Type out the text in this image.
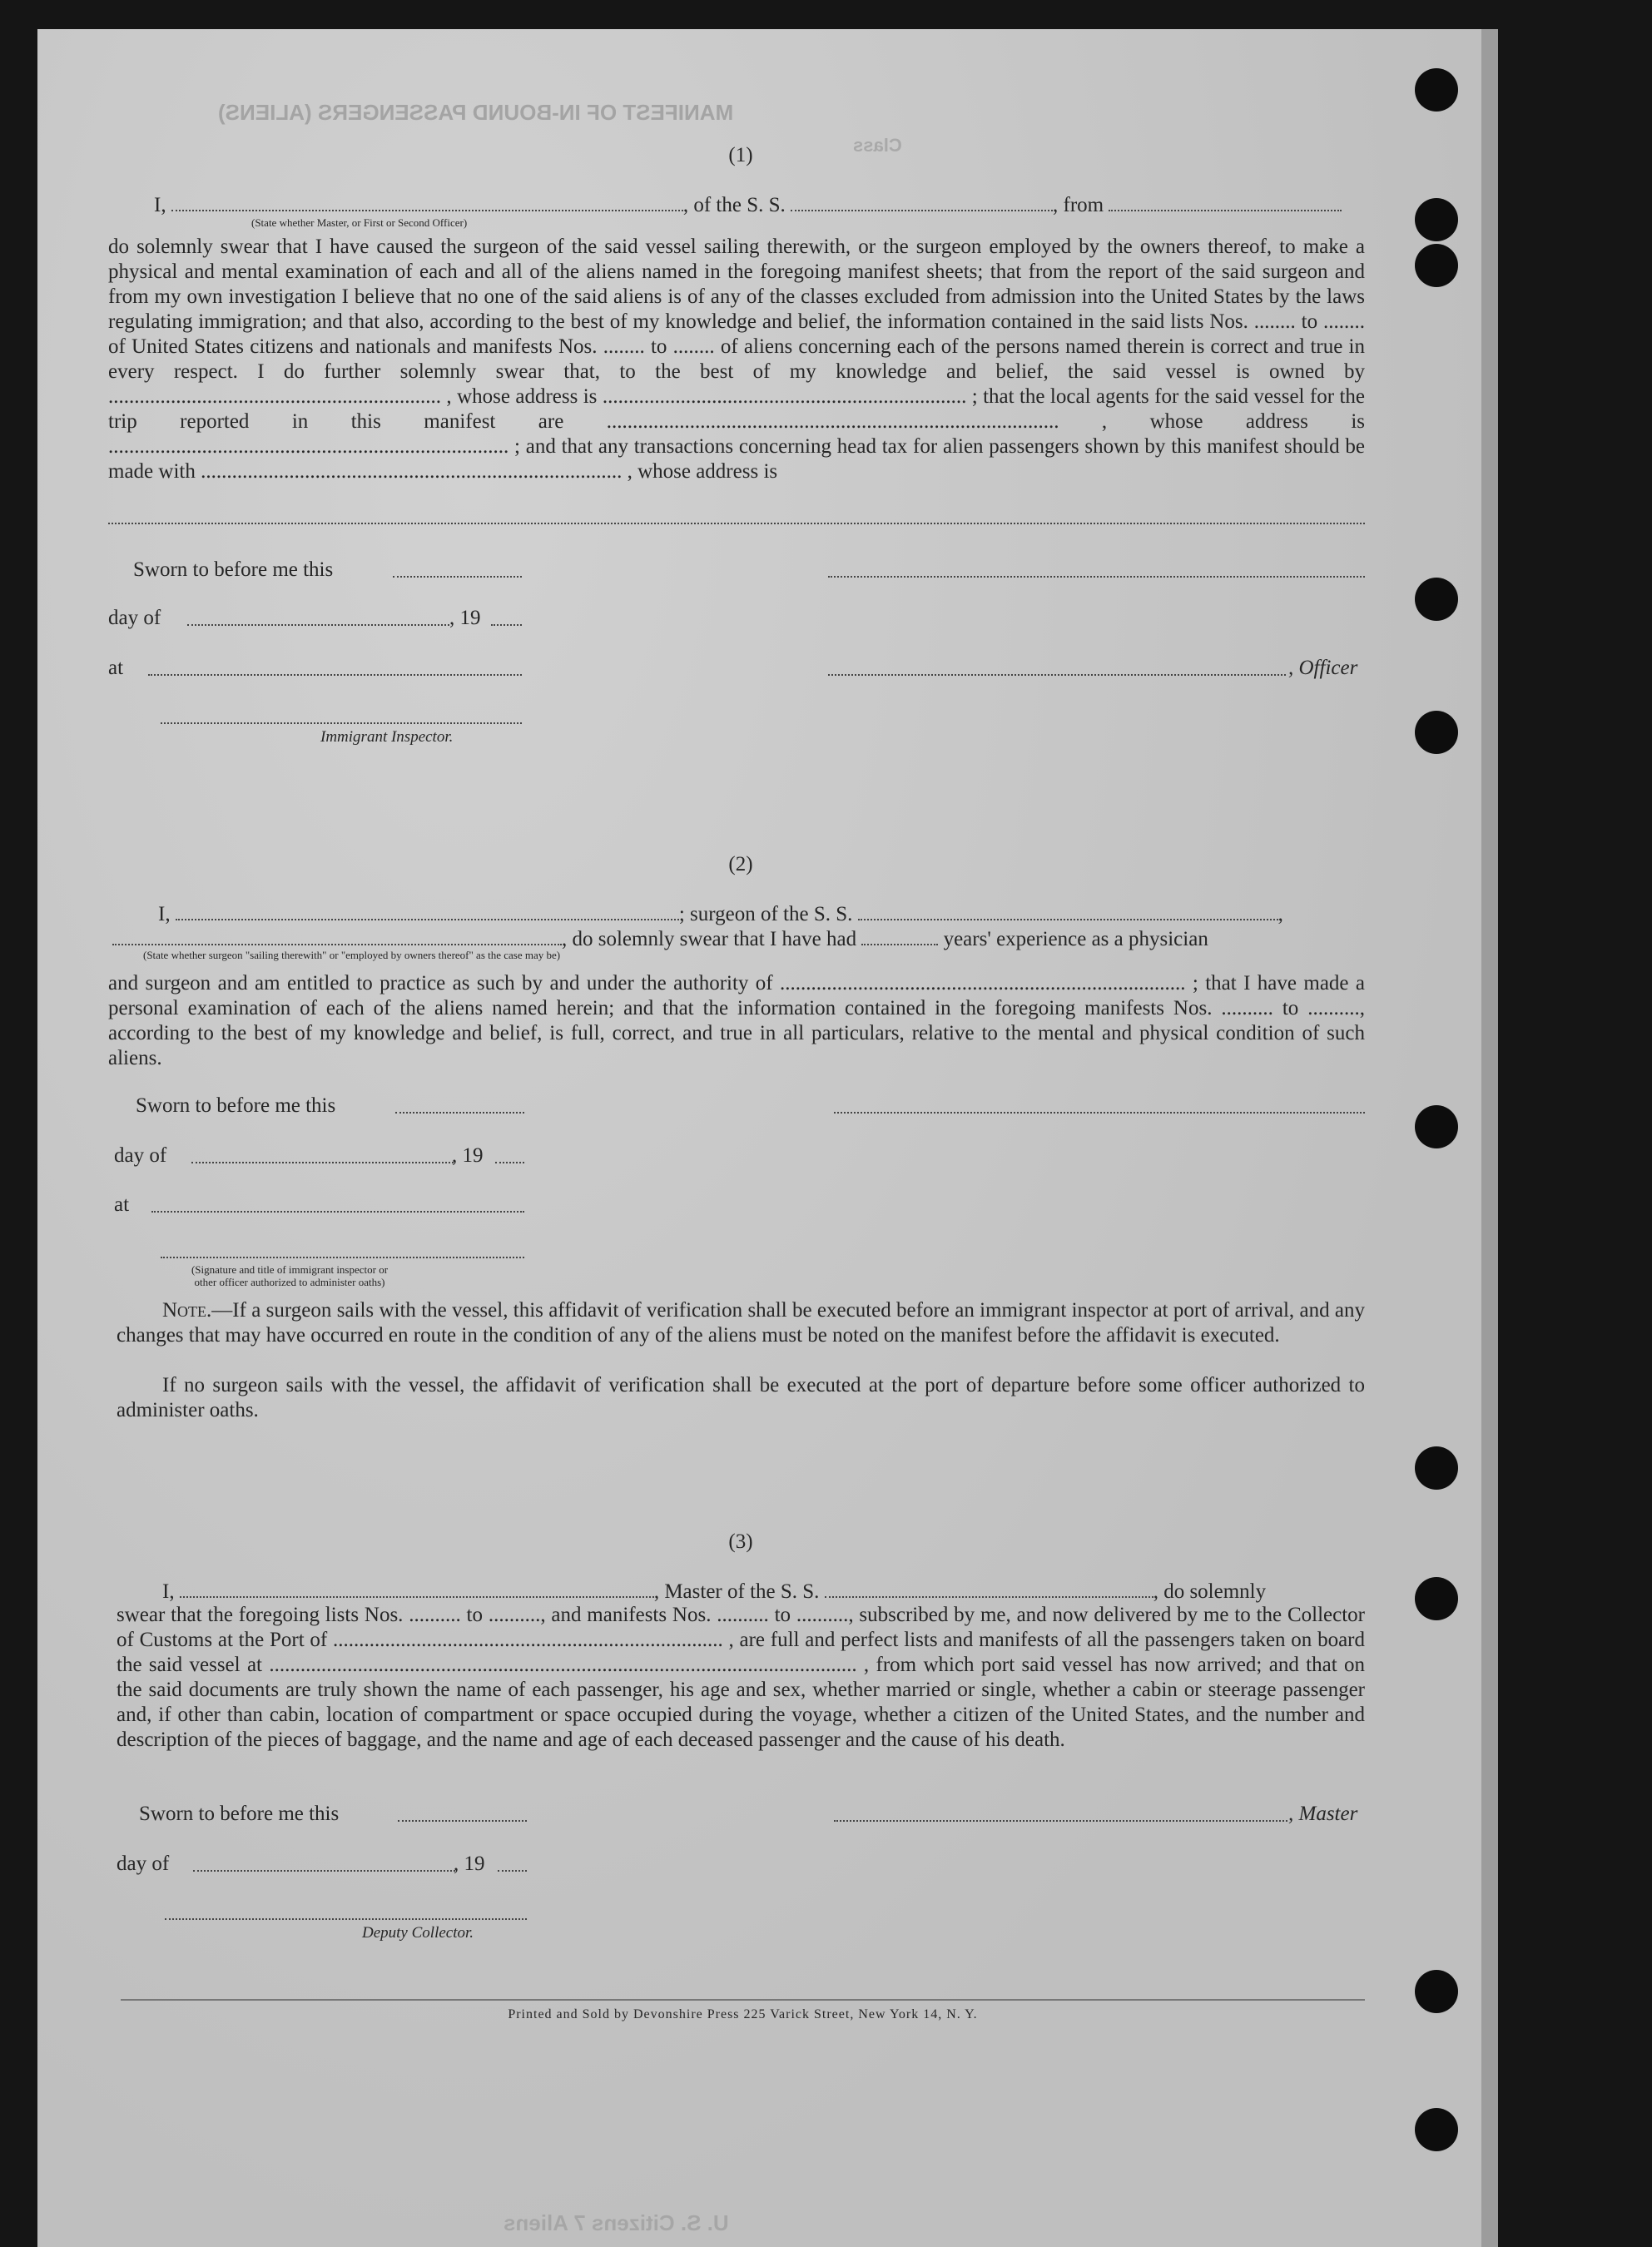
MANIFEST OF IN-BOUND PASSENGERS (ALIENS)
Class
(1)
I,	, of the S. S.	, from
(State whether Master, or First or Second Officer)
do solemnly swear that I have caused the surgeon of the said vessel sailing therewith, or the surgeon employed by the owners thereof, to make a physical and mental examination of each and all of the aliens named in the foregoing manifest sheets; that from the report of the said surgeon and from my own investigation I believe that no one of the said aliens is of any of the classes excluded from admission into the United States by the laws regulating immigration; and that also, according to the best of my knowledge and belief, the information contained in the said lists Nos. ........ to ........ of United States citizens and nationals and manifests Nos. ........ to ........ of aliens concerning each of the persons named therein is correct and true in every respect. I do further solemnly swear that, to the best of my knowledge and belief, the said vessel is owned by ................................................................ , whose address is ...................................................................... ; that the local agents for the said vessel for the trip reported in this manifest are ....................................................................................... , whose address is ............................................................................. ; and that any transactions concerning head tax for alien passengers shown by this manifest should be made with ................................................................................. , whose address is
Sworn to before me this
day of	, 19
at	, Officer
Immigrant Inspector.
(2)
I,	; surgeon of the S. S.	,
, do solemnly swear that I have had	years' experience as a physician
(State whether surgeon "sailing therewith" or "employed by owners thereof" as the case may be)
and surgeon and am entitled to practice as such by and under the authority of .............................................................................. ; that I have made a personal examination of each of the aliens named herein; and that the information contained in the foregoing manifests Nos. .......... to .........., according to the best of my knowledge and belief, is full, correct, and true in all particulars, relative to the mental and physical condition of such aliens.
Sworn to before me this
day of	, 19
at
(Signature and title of immigrant inspector or other officer authorized to administer oaths)
Note.—If a surgeon sails with the vessel, this affidavit of verification shall be executed before an immigrant inspector at port of arrival, and any changes that may have occurred en route in the condition of any of the aliens must be noted on the manifest before the affidavit is executed.
If no surgeon sails with the vessel, the affidavit of verification shall be executed at the port of departure before some officer authorized to administer oaths.
(3)
I,	, Master of the S. S.	, do solemnly
swear that the foregoing lists Nos. .......... to .........., and manifests Nos. .......... to .........., subscribed by me, and now delivered by me to the Collector of Customs at the Port of ........................................................................... , are full and perfect lists and manifests of all the passengers taken on board the said vessel at ................................................................................................................. , from which port said vessel has now arrived; and that on the said documents are truly shown the name of each passenger, his age and sex, whether married or single, whether a cabin or steerage passenger and, if other than cabin, location of compartment or space occupied during the voyage, whether a citizen of the United States, and the number and description of the pieces of baggage, and the name and age of each deceased passenger and the cause of his death.
Sworn to before me this	, Master
day of	, 19
Deputy Collector.
Printed and Sold by Devonshire Press 225 Varick Street, New York 14, N. Y.
U. S. Citizens 7 Aliens
